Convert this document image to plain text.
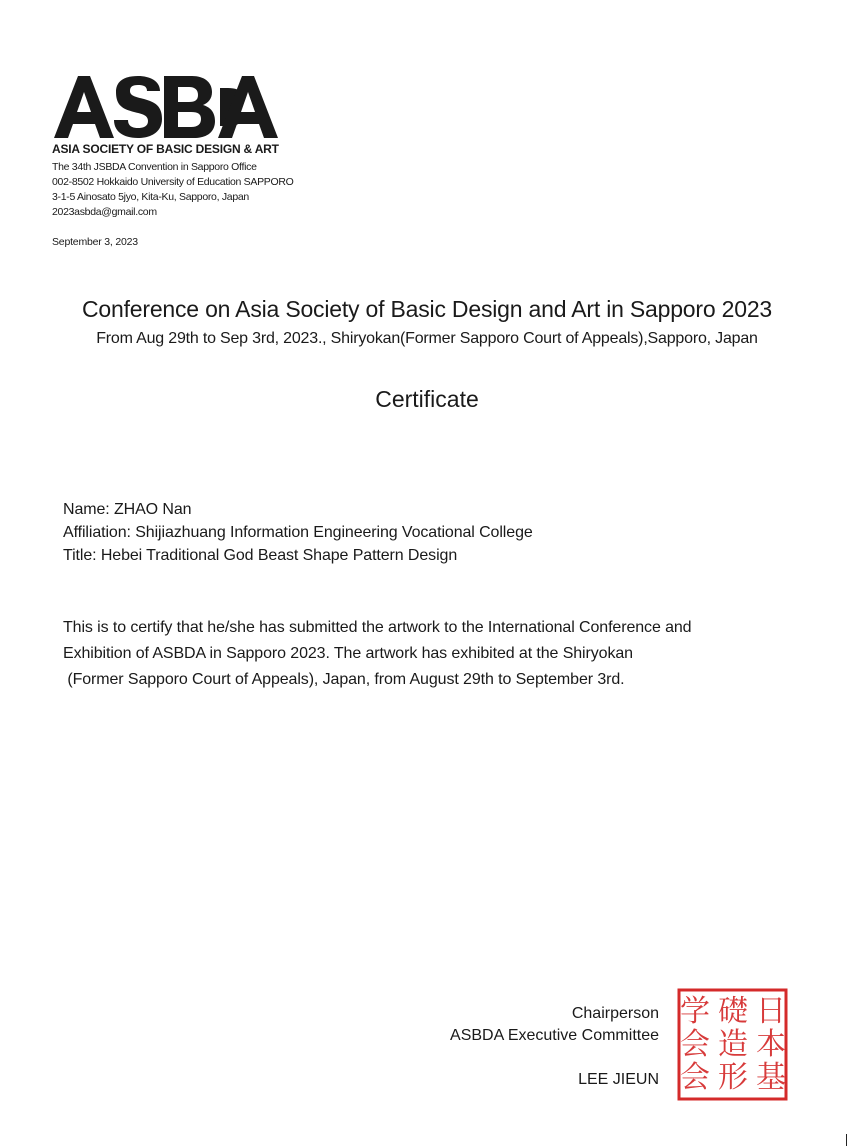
ASIA SOCIETY OF BASIC DESIGN & ART
The 34th JSBDA Convention in Sapporo Office
002-8502 Hokkaido University of Education SAPPORO
3-1-5 Ainosato 5jyo, Kita-Ku, Sapporo, Japan
2023asbda@gmail.com
September 3, 2023
Conference on Asia Society of Basic Design and Art in Sapporo 2023
From Aug 29th to Sep 3rd, 2023., Shiryokan(Former Sapporo Court of Appeals),Sapporo, Japan
Certificate
Name: ZHAO Nan
Affiliation: Shijiazhuang Information Engineering Vocational College
Title: Hebei Traditional God Beast Shape Pattern Design
This is to certify that he/she has submitted the artwork to the International Conference and
Exhibition of ASBDA in Sapporo 2023. The artwork has exhibited at the Shiryokan
(Former Sapporo Court of Appeals), Japan, from August 29th to September 3rd.
Chairperson
ASBDA Executive Committee
LEE JIEUN
日
本
基
礎
造
形
学
会
会
